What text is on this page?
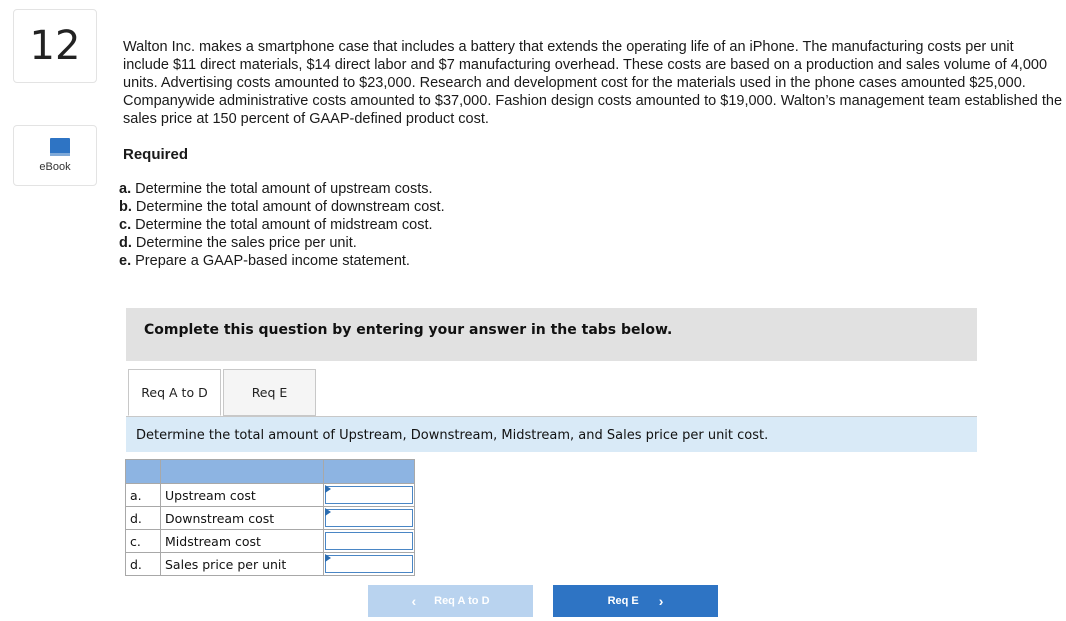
12
eBook
Walton Inc. makes a smartphone case that includes a battery that extends the operating life of an iPhone. The manufacturing costs per unit include $11 direct materials, $14 direct labor and $7 manufacturing overhead. These costs are based on a production and sales volume of 4,000 units. Advertising costs amounted to $23,000. Research and development cost for the materials used in the phone cases amounted $25,000. Companywide administrative costs amounted to $37,000. Fashion design costs amounted to $19,000. Walton’s management team established the sales price at 150 percent of GAAP-defined product cost.
Required
a. Determine the total amount of upstream costs.
b. Determine the total amount of downstream cost.
c. Determine the total amount of midstream cost.
d. Determine the sales price per unit.
e. Prepare a GAAP-based income statement.
Complete this question by entering your answer in the tabs below.
Req A to D	Req E
Determine the total amount of Upstream, Downstream, Midstream, and Sales price per unit cost.

a.	Upstream cost	

d.	Downstream cost	

c.	Midstream cost	

d.	Sales price per unit	
‹ Req A to D	Req E ›
